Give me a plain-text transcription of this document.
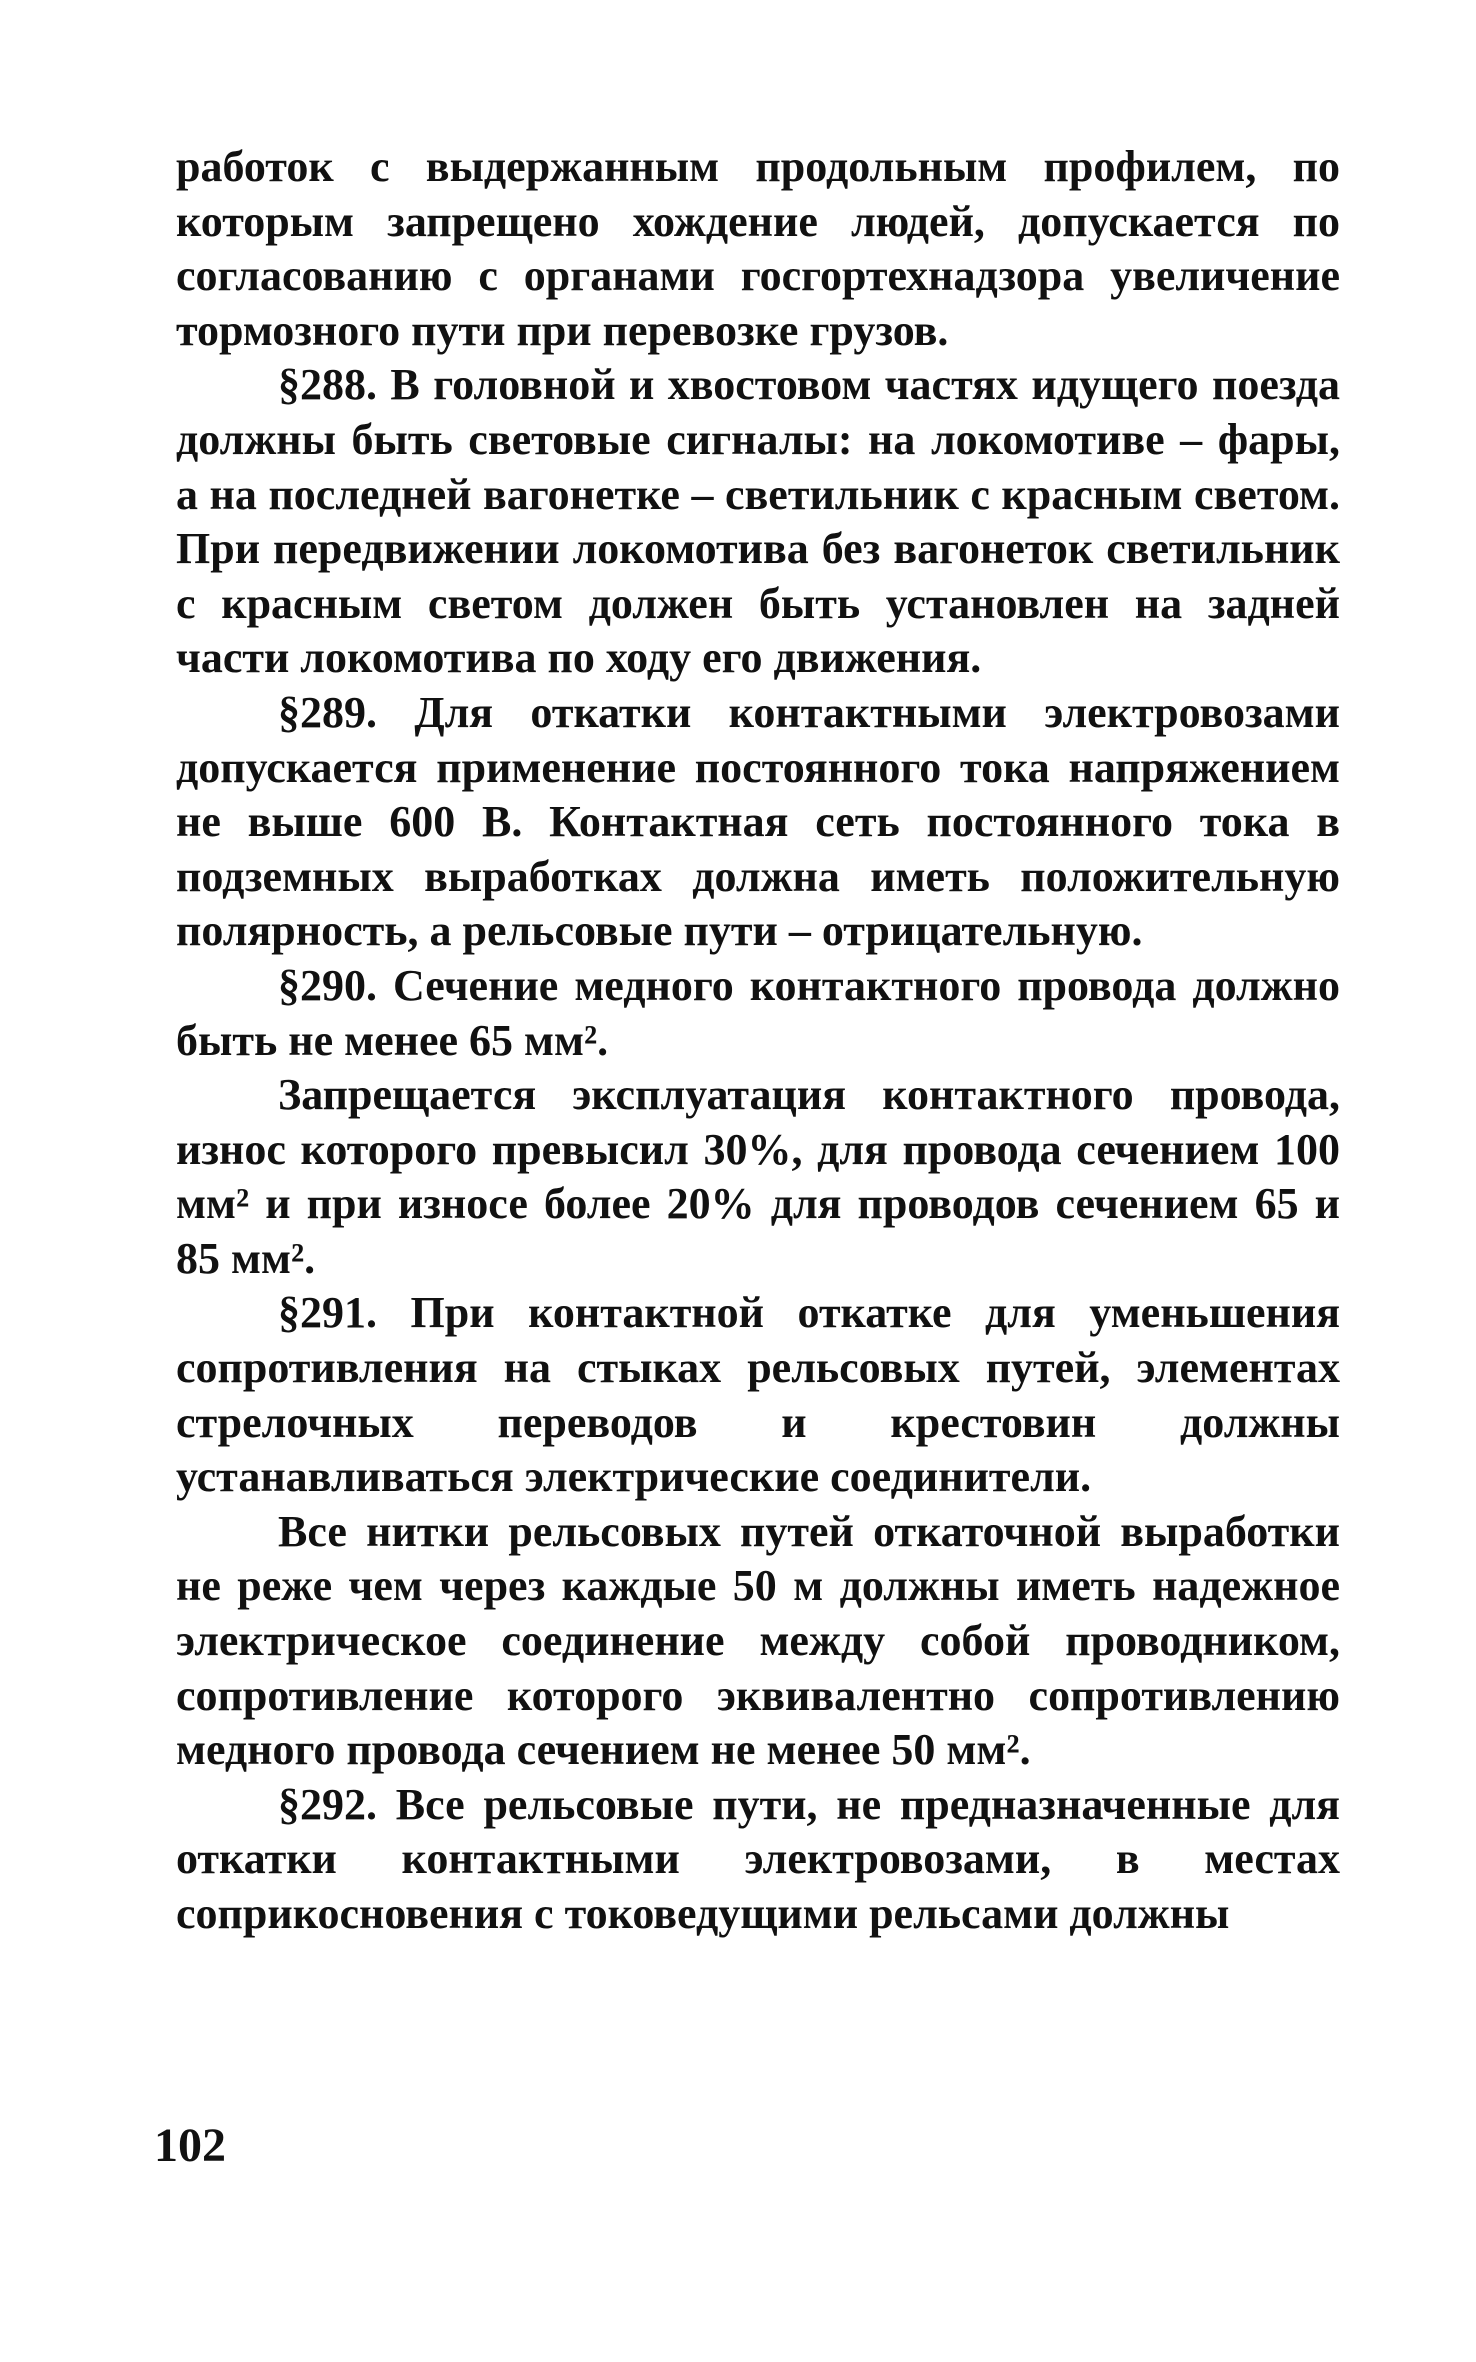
работок с выдержанным продольным профилем, по которым запрещено хождение людей, допускается по согласованию с органами госгортехнадзора увеличение тормозного пути при перевозке грузов.

§288. В головной и хвостовом частях идущего поезда должны быть световые сигналы: на локомотиве – фары, а на последней вагонетке – светильник с красным светом. При передвижении локомотива без вагонеток светильник с красным светом должен быть установлен на задней части локомотива по ходу его движения.

§289. Для откатки контактными электровозами допускается применение постоянного тока напряжением не выше 600 В. Контактная сеть постоянного тока в подземных выработках должна иметь положительную полярность, а рельсовые пути – отрицательную.

§290. Сечение медного контактного провода должно быть не менее 65 мм².

Запрещается эксплуатация контактного провода, износ которого превысил 30%, для провода сечением 100 мм² и при износе более 20% для проводов сечением 65 и 85 мм².

§291. При контактной откатке для уменьшения сопротивления на стыках рельсовых путей, элементах стрелочных переводов и крестовин должны устанавливаться электрические соединители.

Все нитки рельсовых путей откаточной выработки не реже чем через каждые 50 м должны иметь надежное электрическое соединение между собой проводником, сопротивление которого эквивалентно сопротивлению медного провода сечением не менее 50 мм².

§292. Все рельсовые пути, не предназначенные для откатки контактными электровозами, в местах соприкосновения с токоведущими рельсами должны

102
